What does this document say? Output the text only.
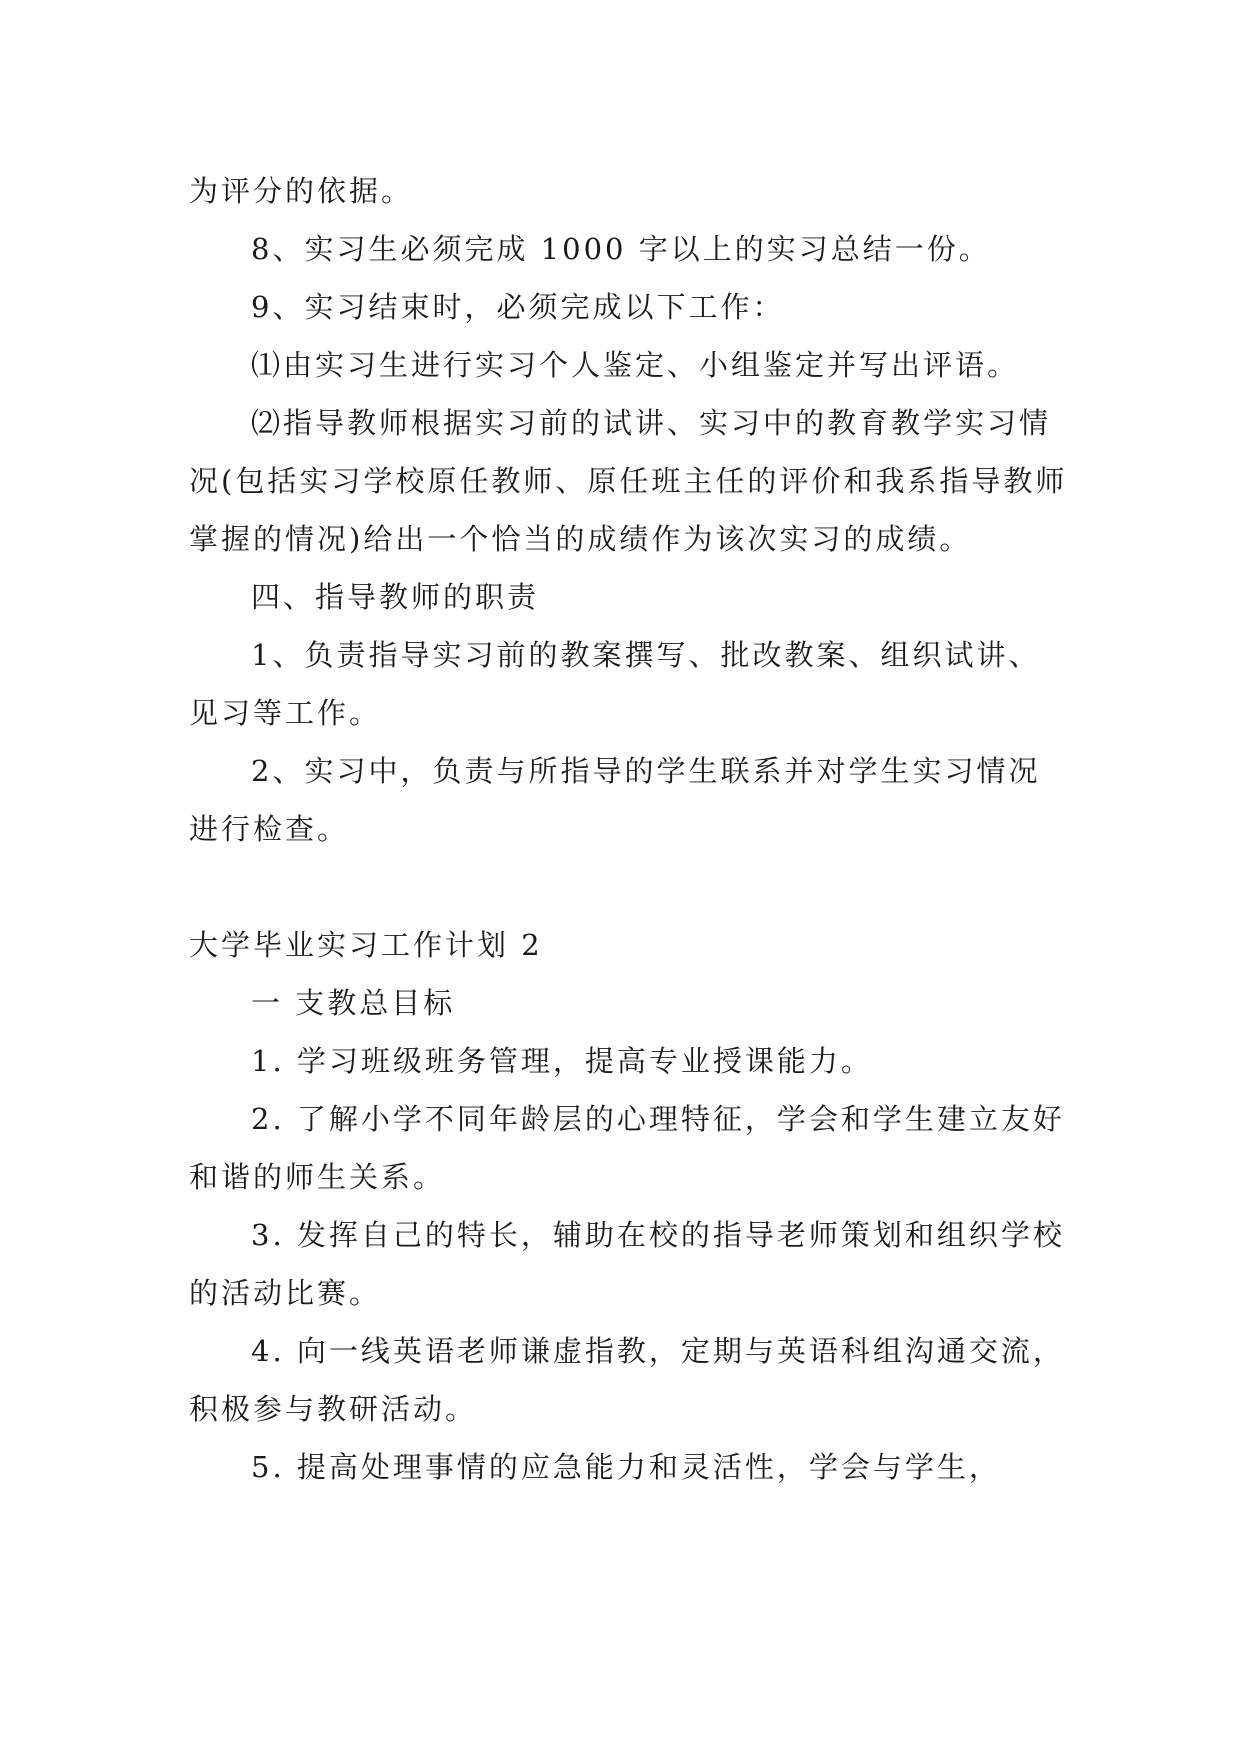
为评分的依据。

8、实习生必须完成 1000 字以上的实习总结一份。

9、实习结束时，必须完成以下工作：

⑴由实习生进行实习个人鉴定、小组鉴定并写出评语。

⑵指导教师根据实习前的试讲、实习中的教育教学实习情况(包括实习学校原任教师、原任班主任的评价和我系指导教师掌握的情况)给出一个恰当的成绩作为该次实习的成绩。

四、指导教师的职责

1、负责指导实习前的教案撰写、批改教案、组织试讲、见习等工作。

2、实习中，负责与所指导的学生联系并对学生实习情况进行检查。

大学毕业实习工作计划 2

一 支教总目标

1. 学习班级班务管理，提高专业授课能力。

2. 了解小学不同年龄层的心理特征，学会和学生建立友好和谐的师生关系。

3. 发挥自己的特长，辅助在校的指导老师策划和组织学校的活动比赛。

4. 向一线英语老师谦虚指教，定期与英语科组沟通交流，积极参与教研活动。

5. 提高处理事情的应急能力和灵活性，学会与学生，
